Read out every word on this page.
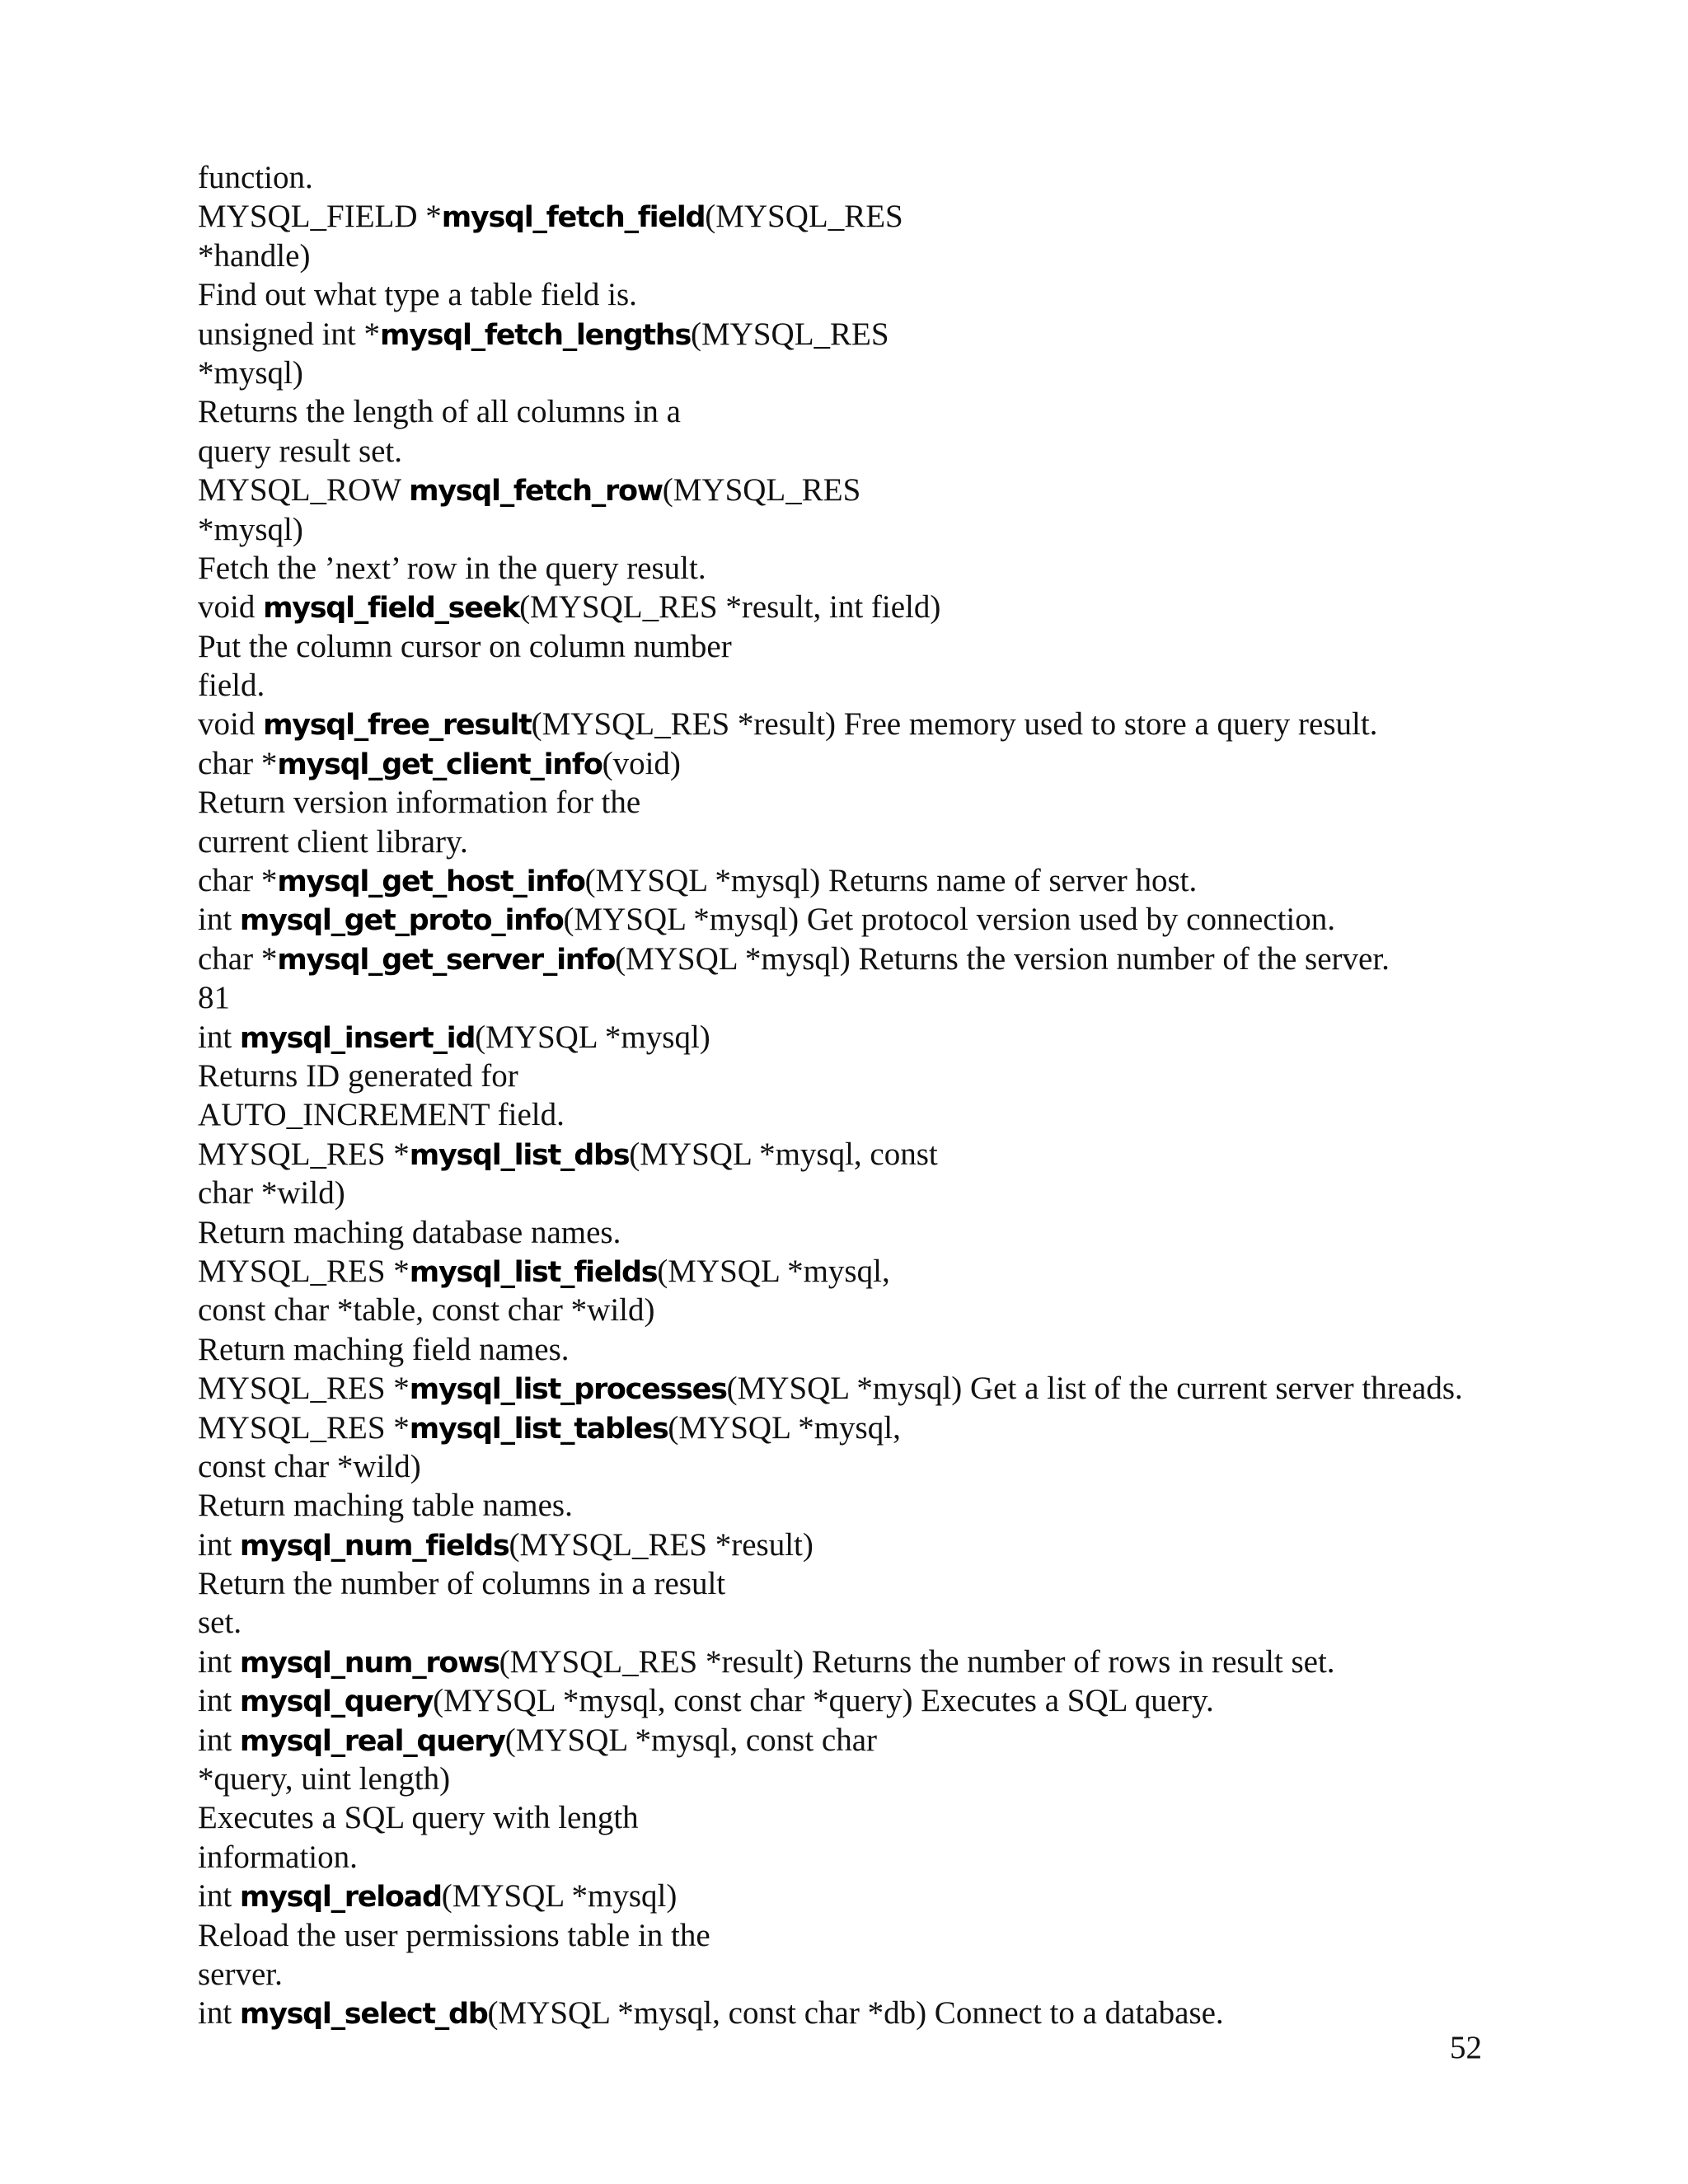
function.
MYSQL_FIELD *mysql_fetch_field(MYSQL_RES
*handle)
Find out what type a table field is.
unsigned int *mysql_fetch_lengths(MYSQL_RES
*mysql)
Returns the length of all columns in a
query result set.
MYSQL_ROW mysql_fetch_row(MYSQL_RES
*mysql)
Fetch the ’next’ row in the query result.
void mysql_field_seek(MYSQL_RES *result, int field)
Put the column cursor on column number
field.
void mysql_free_result(MYSQL_RES *result) Free memory used to store a query result.
char *mysql_get_client_info(void)
Return version information for the
current client library.
char *mysql_get_host_info(MYSQL *mysql) Returns name of server host.
int mysql_get_proto_info(MYSQL *mysql) Get protocol version used by connection.
char *mysql_get_server_info(MYSQL *mysql) Returns the version number of the server.
81
int mysql_insert_id(MYSQL *mysql)
Returns ID generated for
AUTO_INCREMENT field.
MYSQL_RES *mysql_list_dbs(MYSQL *mysql, const
char *wild)
Return maching database names.
MYSQL_RES *mysql_list_fields(MYSQL *mysql,
const char *table, const char *wild)
Return maching field names.
MYSQL_RES *mysql_list_processes(MYSQL *mysql) Get a list of the current server threads.
MYSQL_RES *mysql_list_tables(MYSQL *mysql,
const char *wild)
Return maching table names.
int mysql_num_fields(MYSQL_RES *result)
Return the number of columns in a result
set.
int mysql_num_rows(MYSQL_RES *result) Returns the number of rows in result set.
int mysql_query(MYSQL *mysql, const char *query) Executes a SQL query.
int mysql_real_query(MYSQL *mysql, const char
*query, uint length)
Executes a SQL query with length
information.
int mysql_reload(MYSQL *mysql)
Reload the user permissions table in the
server.
int mysql_select_db(MYSQL *mysql, const char *db) Connect to a database.
52
